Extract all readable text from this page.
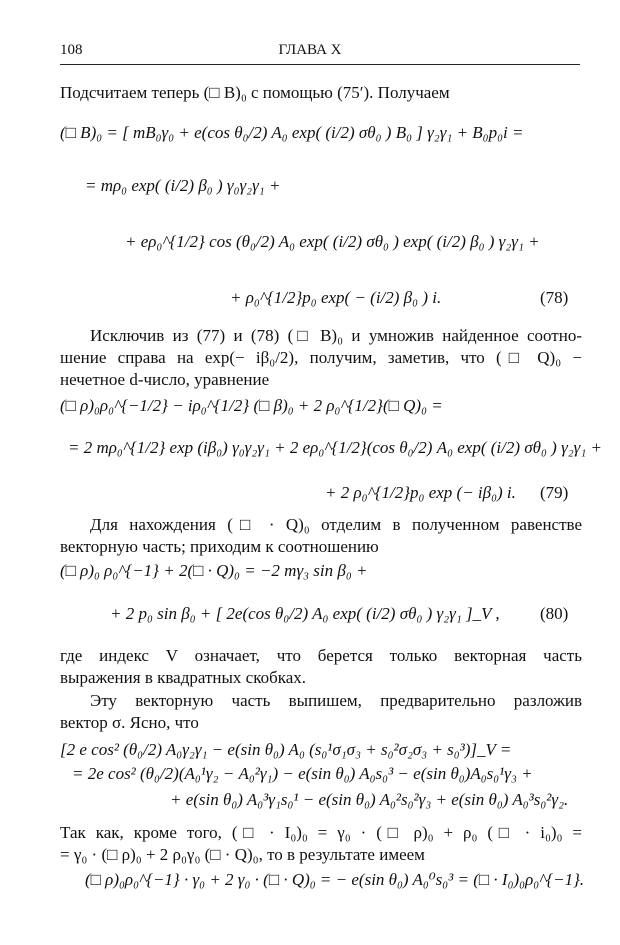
108	ГЛАВА X
Подсчитаем теперь (□ B)₀ с помощью (75′). Получаем
(□ B)₀ = [ mB₀γ₀ + e(cos θ₀/2) A₀ exp( (i/2) σθ₀ ) B₀ ] γ₂γ₁ + B₀p₀i =
= mρ₀ exp( (i/2) β₀ ) γ₀γ₂γ₁ +
+ eρ₀^{1/2} cos (θ₀/2) A₀ exp( (i/2) σθ₀ ) exp( (i/2) β₀ ) γ₂γ₁ +
+ ρ₀^{1/2}p₀ exp( − (i/2) β₀ ) i.	(78)
Исключив из (77) и (78) (□ B)₀ и умножив найденное соотно-
шение справа на exp(− iβ₀/2), получим, заметив, что (□ Q)₀ −
нечетное d-число, уравнение
(□ ρ)₀ρ₀^{−1/2} − iρ₀^{1/2} (□ β)₀ + 2 ρ₀^{1/2}(□ Q)₀ =
= 2 mρ₀^{1/2} exp (iβ₀) γ₀γ₂γ₁ + 2 eρ₀^{1/2}(cos θ₀/2) A₀ exp( (i/2) σθ₀ ) γ₂γ₁ +
+ 2 ρ₀^{1/2}p₀ exp (− iβ₀) i.	(79)
Для нахождения (□ · Q)₀ отделим в полученном равенстве
векторную часть; приходим к соотношению
(□ ρ)₀ ρ₀^{−1} + 2(□ · Q)₀ = −2 mγ₃ sin β₀ +
+ 2 p₀ sin β₀ + [ 2e(cos θ₀/2) A₀ exp( (i/2) σθ₀ ) γ₂γ₁ ]_V ,	(80)
где индекс V означает, что берется только векторная часть
выражения в квадратных скобках.
Эту векторную часть выпишем, предварительно разложив
вектор σ. Ясно, что
[2 e cos² (θ₀/2) A₀γ₂γ₁ − e(sin θ₀) A₀ (s₀¹σ₁σ₃ + s₀²σ₂σ₃ + s₀³)]_V =
= 2e cos² (θ₀/2)(A₀¹γ₂ − A₀²γ₁) − e(sin θ₀) A₀s₀³ − e(sin θ₀)A₀s₀¹γ₃ +
+ e(sin θ₀) A₀³γ₁s₀¹ − e(sin θ₀) A₀²s₀²γ₃ + e(sin θ₀) A₀³s₀²γ₂.
Так как, кроме того, (□ · I₀)₀ = γ₀ · (□ ρ)₀ + ρ₀ (□ · i₀)₀ =
= γ₀ · (□ ρ)₀ + 2 ρ₀γ₀ (□ · Q)₀, то в результате имеем
(□ ρ)₀ρ₀^{−1} · γ₀ + 2 γ₀ · (□ · Q)₀ = − e(sin θ₀) A₀⁰s₀³ = (□ · I₀)₀ρ₀^{−1}.
